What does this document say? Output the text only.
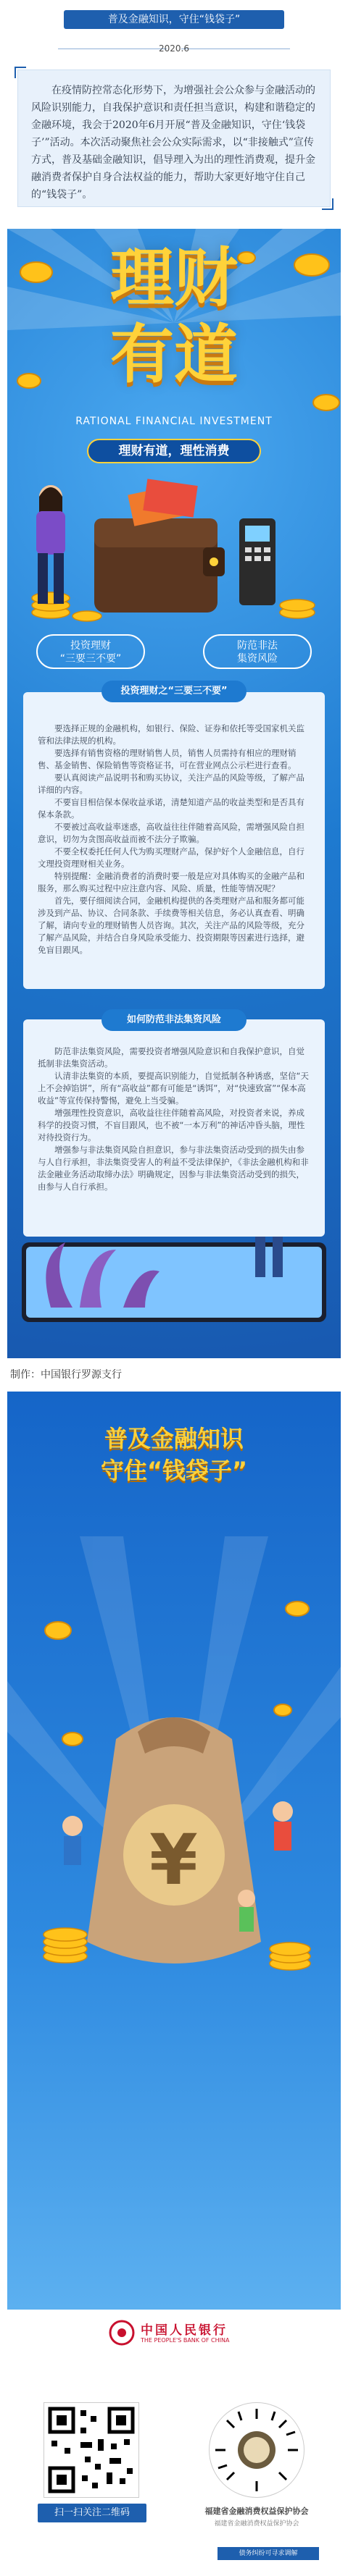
普及金融知识，守住“钱袋子”
2020.6
在疫情防控常态化形势下，为增强社会公众参与金融活动的风险识别能力，自我保护意识和责任担当意识，构建和谐稳定的金融环境，我会于2020年6月开展“普及金融知识，守住‘钱袋子’”活动。本次活动聚焦社会公众实际需求，以“非接触式”宣传方式，普及基础金融知识，倡导理入为出的理性消费观，提升金融消费者保护自身合法权益的能力，帮助大家更好地守住自己的“钱袋子”。
理财
有道
RATIONAL FINANCIAL INVESTMENT
理财有道，理性消费
投资理财
“三要三不要”
防范非法
集资风险

要选择正规的金融机构，如银行、保险、证券和依托等受国家机关监管和法律法规的机构。

要选择有销售资格的理财销售人员，销售人员需持有相应的理财销售、基金销售、保险销售等资格证书，可在营业网点公示栏进行查看。

要认真阅读产品说明书和购买协议，关注产品的风险等级，了解产品详细的内容。

不要盲目相信保本保收益承诺，清楚知道产品的收益类型和是否具有保本条款。

不要被过高收益率迷惑，高收益往往伴随着高风险，需增强风险自担意识，切勿为贪图高收益而被不法分子欺骗。

不要全权委托任何人代为购买理财产品，保护好个人金融信息，自行文理投资理财相关业务。

特别提醒：金融消费者的消费时要一般是应对具体购买的金融产品和服务，那么购买过程中应注意内容、风险、质量，性能等情况呢？

首先，要仔细阅读合同，金融机构提供的各类理财产品和服务都可能涉及到产品、协议、合同条款、手续费等相关信息，务必认真查看、明确了解，请向专业的理财销售人员咨询。其次，关注产品的风险等级，充分了解产品风险，并结合自身风险承受能力、投资期限等因素进行选择，避免盲目跟风。

投资理财之“三要三不要”

防范非法集资风险，需要投资者增强风险意识和自我保护意识，自觉抵制非法集资活动。

认清非法集资的本质，要提高识别能力，自觉抵制各种诱惑，坚信“天上不会掉馅饼”，所有“高收益”都有可能是“诱饵”，对“快速致富”“保本高收益”等宣传保持警惕，避免上当受骗。

增强理性投资意识，高收益往往伴随着高风险，对投资者来说，养成科学的投资习惯，不盲目跟风，也不被“一本万利”的神话冲昏头脑，理性对待投资行为。

增强参与非法集资风险自担意识，参与非法集资活动受到的损失由参与人自行承担，非法集资受害人的利益不受法律保护，《非法金融机构和非法金融业务活动取缔办法》明确规定，因参与非法集资活动受到的损失，由参与人自行承担。

如何防范非法集资风险
制作：中国银行罗源支行
¥
普及金融知识
守住“钱袋子”
中国人民银行
THE PEOPLE'S BANK OF CHINA
扫一扫关注二维码	福建省金融消费权益保护协会
福建省金融消费权益保护协会
债务纠纷可寻求调解
